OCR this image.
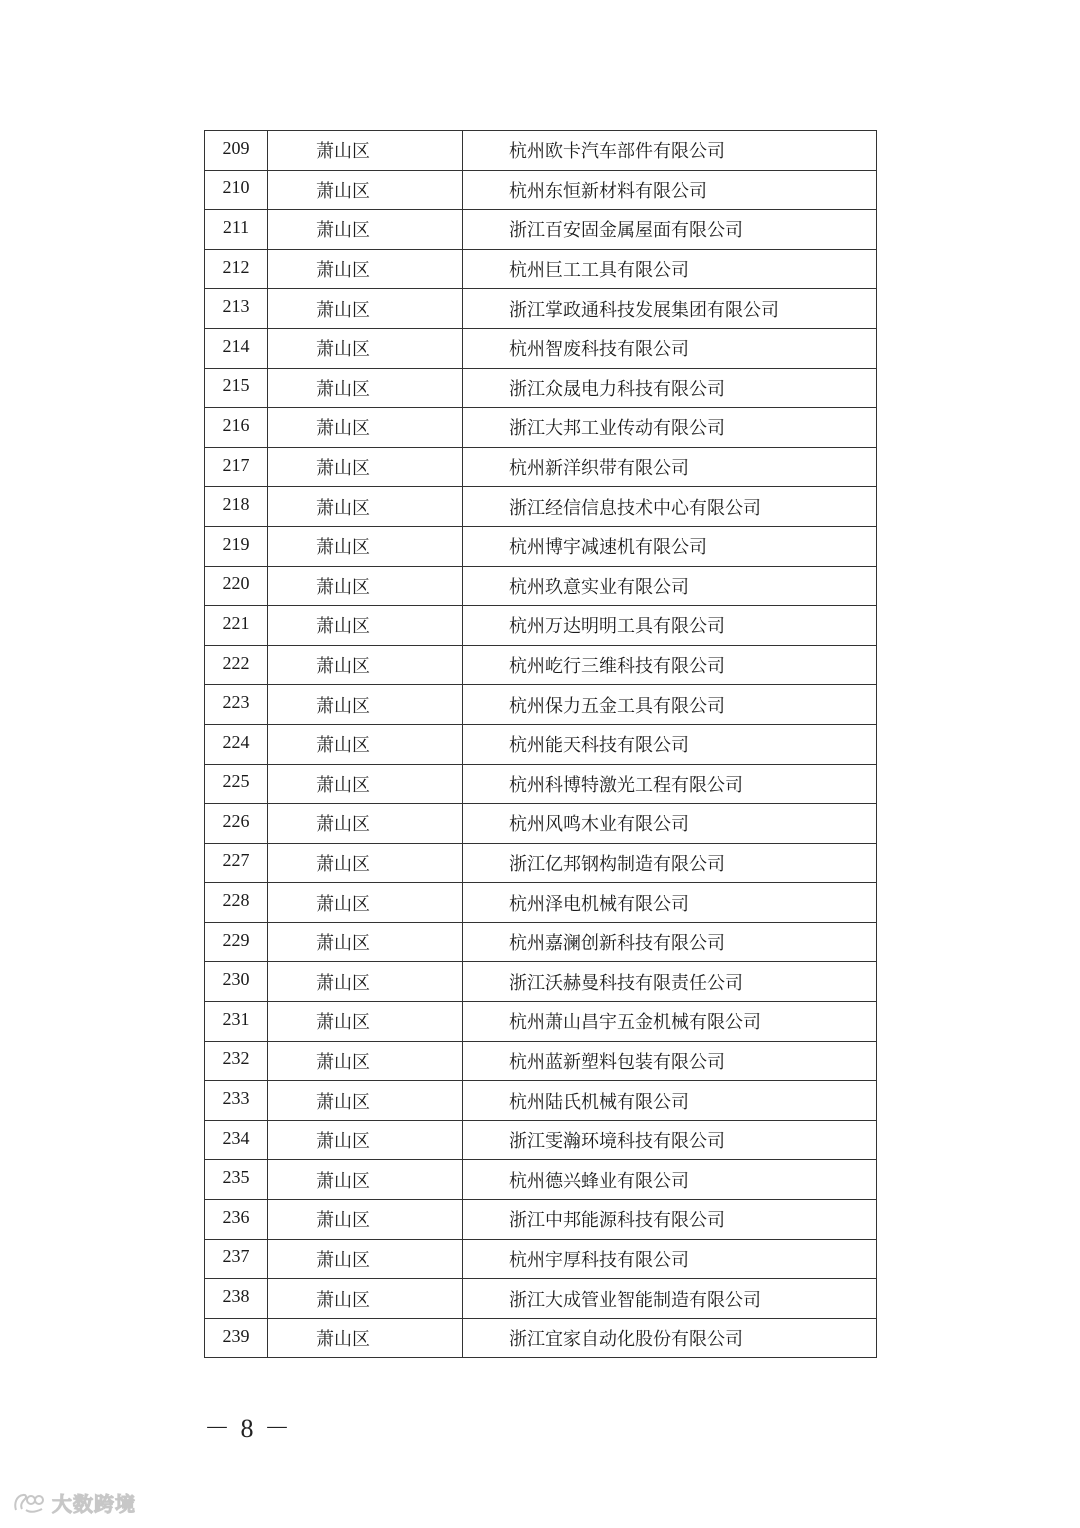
209	萧山区	杭州欧卡汽车部件有限公司
210	萧山区	杭州东恒新材料有限公司
211	萧山区	浙江百安固金属屋面有限公司
212	萧山区	杭州巨工工具有限公司
213	萧山区	浙江掌政通科技发展集团有限公司
214	萧山区	杭州智废科技有限公司
215	萧山区	浙江众晟电力科技有限公司
216	萧山区	浙江大邦工业传动有限公司
217	萧山区	杭州新洋织带有限公司
218	萧山区	浙江经信信息技术中心有限公司
219	萧山区	杭州博宇减速机有限公司
220	萧山区	杭州玖意实业有限公司
221	萧山区	杭州万达明明工具有限公司
222	萧山区	杭州屹行三维科技有限公司
223	萧山区	杭州保力五金工具有限公司
224	萧山区	杭州能天科技有限公司
225	萧山区	杭州科博特激光工程有限公司
226	萧山区	杭州风鸣木业有限公司
227	萧山区	浙江亿邦钢构制造有限公司
228	萧山区	杭州泽电机械有限公司
229	萧山区	杭州嘉澜创新科技有限公司
230	萧山区	浙江沃赫曼科技有限责任公司
231	萧山区	杭州萧山昌宇五金机械有限公司
232	萧山区	杭州蓝新塑料包装有限公司
233	萧山区	杭州陆氏机械有限公司
234	萧山区	浙江雯瀚环境科技有限公司
235	萧山区	杭州德兴蜂业有限公司
236	萧山区	浙江中邦能源科技有限公司
237	萧山区	杭州宇厚科技有限公司
238	萧山区	浙江大成管业智能制造有限公司
239	萧山区	浙江宜家自动化股份有限公司
－ 8 －
大数跨境
